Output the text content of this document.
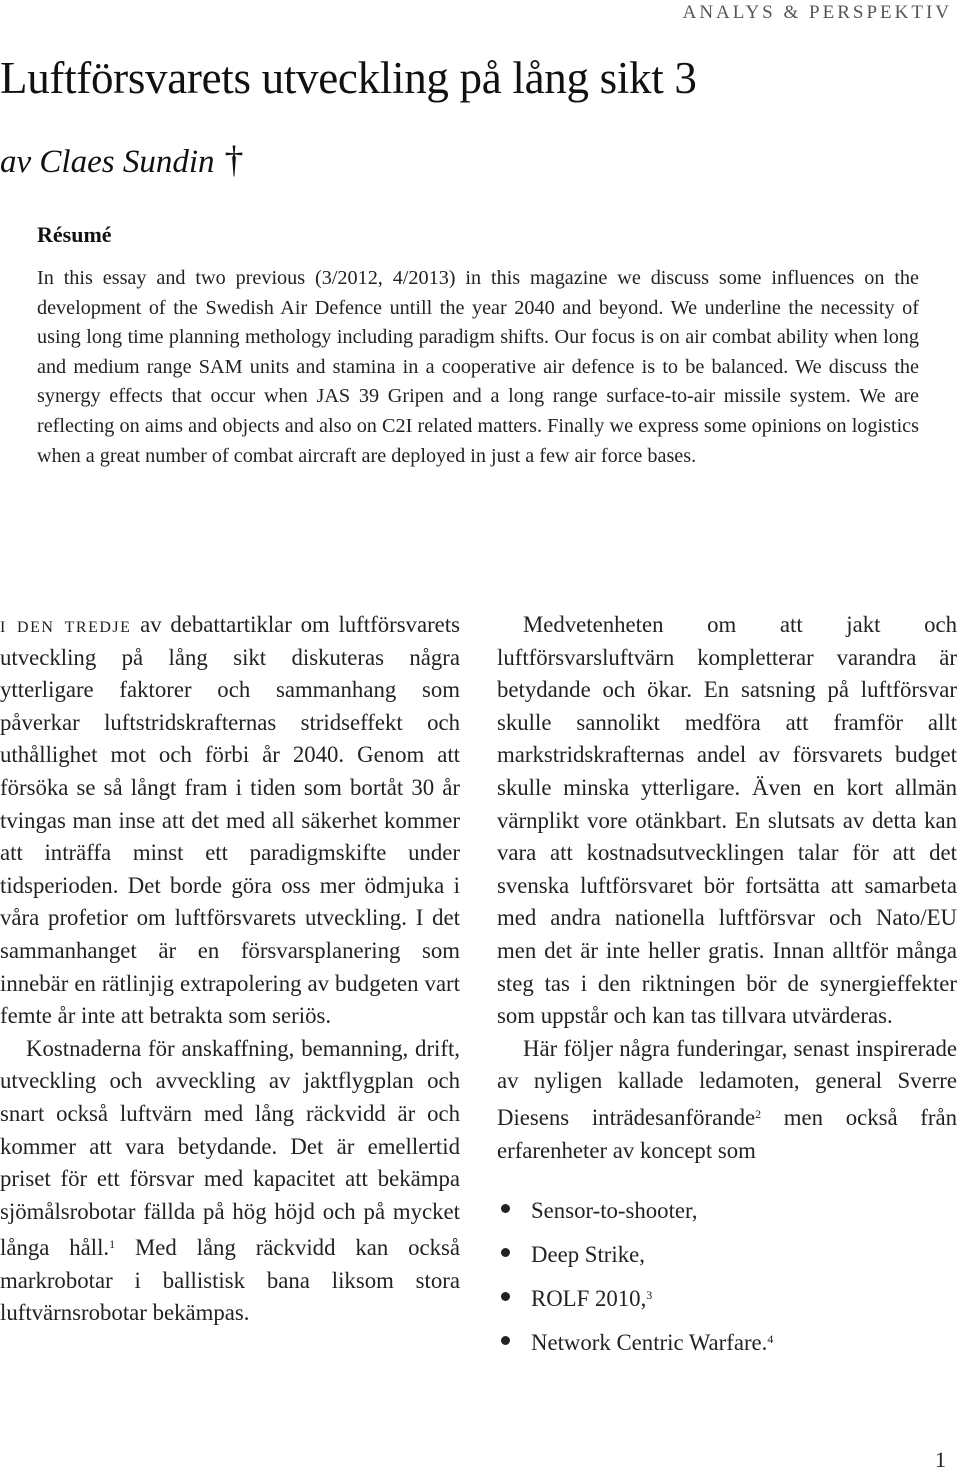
ANALYS & PERSPEKTIV
Luftförsvarets utveckling på lång sikt 3
av Claes Sundin †
Résumé

In this essay and two previous (3/2012, 4/2013) in this magazine we discuss some influences on the development of the Swedish Air Defence untill the year 2040 and beyond. We underline the necessity of using long time planning methology including paradigm shifts. Our focus is on air combat ability when long and medium range SAM units and stamina in a cooperative air defence is to be balanced. We discuss the synergy effects that occur when JAS 39 Gripen and a long range surface-to-air missile system. We are reflecting on aims and objects and also on C2I related matters. Finally we express some opinions on logistics when a great number of combat aircraft are deployed in just a few air force bases.

i den tredje av debattartiklar om luftförsvarets utveckling på lång sikt diskuteras några ytterligare faktorer och sammanhang som påverkar luftstridskrafternas stridseffekt och uthållighet mot och förbi år 2040. Genom att försöka se så långt fram i tiden som bortåt 30 år tvingas man inse att det med all säkerhet kommer att inträffa minst ett paradigmskifte under tidsperioden. Det borde göra oss mer ödmjuka i våra profetior om luftförsvarets utveckling. I det sammanhanget är en försvarsplanering som innebär en rätlinjig extrapolering av budgeten vart femte år inte att betrakta som seriös.

Kostnaderna för anskaffning, bemanning, drift, utveckling och avveckling av jaktflygplan och snart också luftvärn med lång räckvidd är och kommer att vara betydande. Det är emellertid priset för ett försvar med kapacitet att bekämpa sjömålsrobotar fällda på hög höjd och på mycket långa håll.$^1$ Med lång räckvidd kan också markrobotar i ballistisk bana liksom stora luftvärnsrobotar bekämpas.

Medvetenheten om att jakt och luftförsvarsluftvärn kompletterar varandra är betydande och ökar. En satsning på luftförsvar skulle sannolikt medföra att framför allt markstridskrafternas andel av försvarets budget skulle minska ytterligare. Även en kort allmän värnplikt vore otänkbart. En slutsats av detta kan vara att kostnadsutvecklingen talar för att det svenska luftförsvaret bör fortsätta att samarbeta med andra nationella luftförsvar och Nato/EU men det är inte heller gratis. Innan alltför många steg tas i den riktningen bör de synergieffekter som uppstår och kan tas tillvara utvärderas.

Här följer några funderingar, senast inspirerade av nyligen kallade ledamoten, general Sverre Diesens inträdesanförande$^2$ men också från erfarenheter av koncept som

Sensor-to-shooter,
Deep Strike,
ROLF 2010,$^3$
Network Centric Warfare.$^4$
1
